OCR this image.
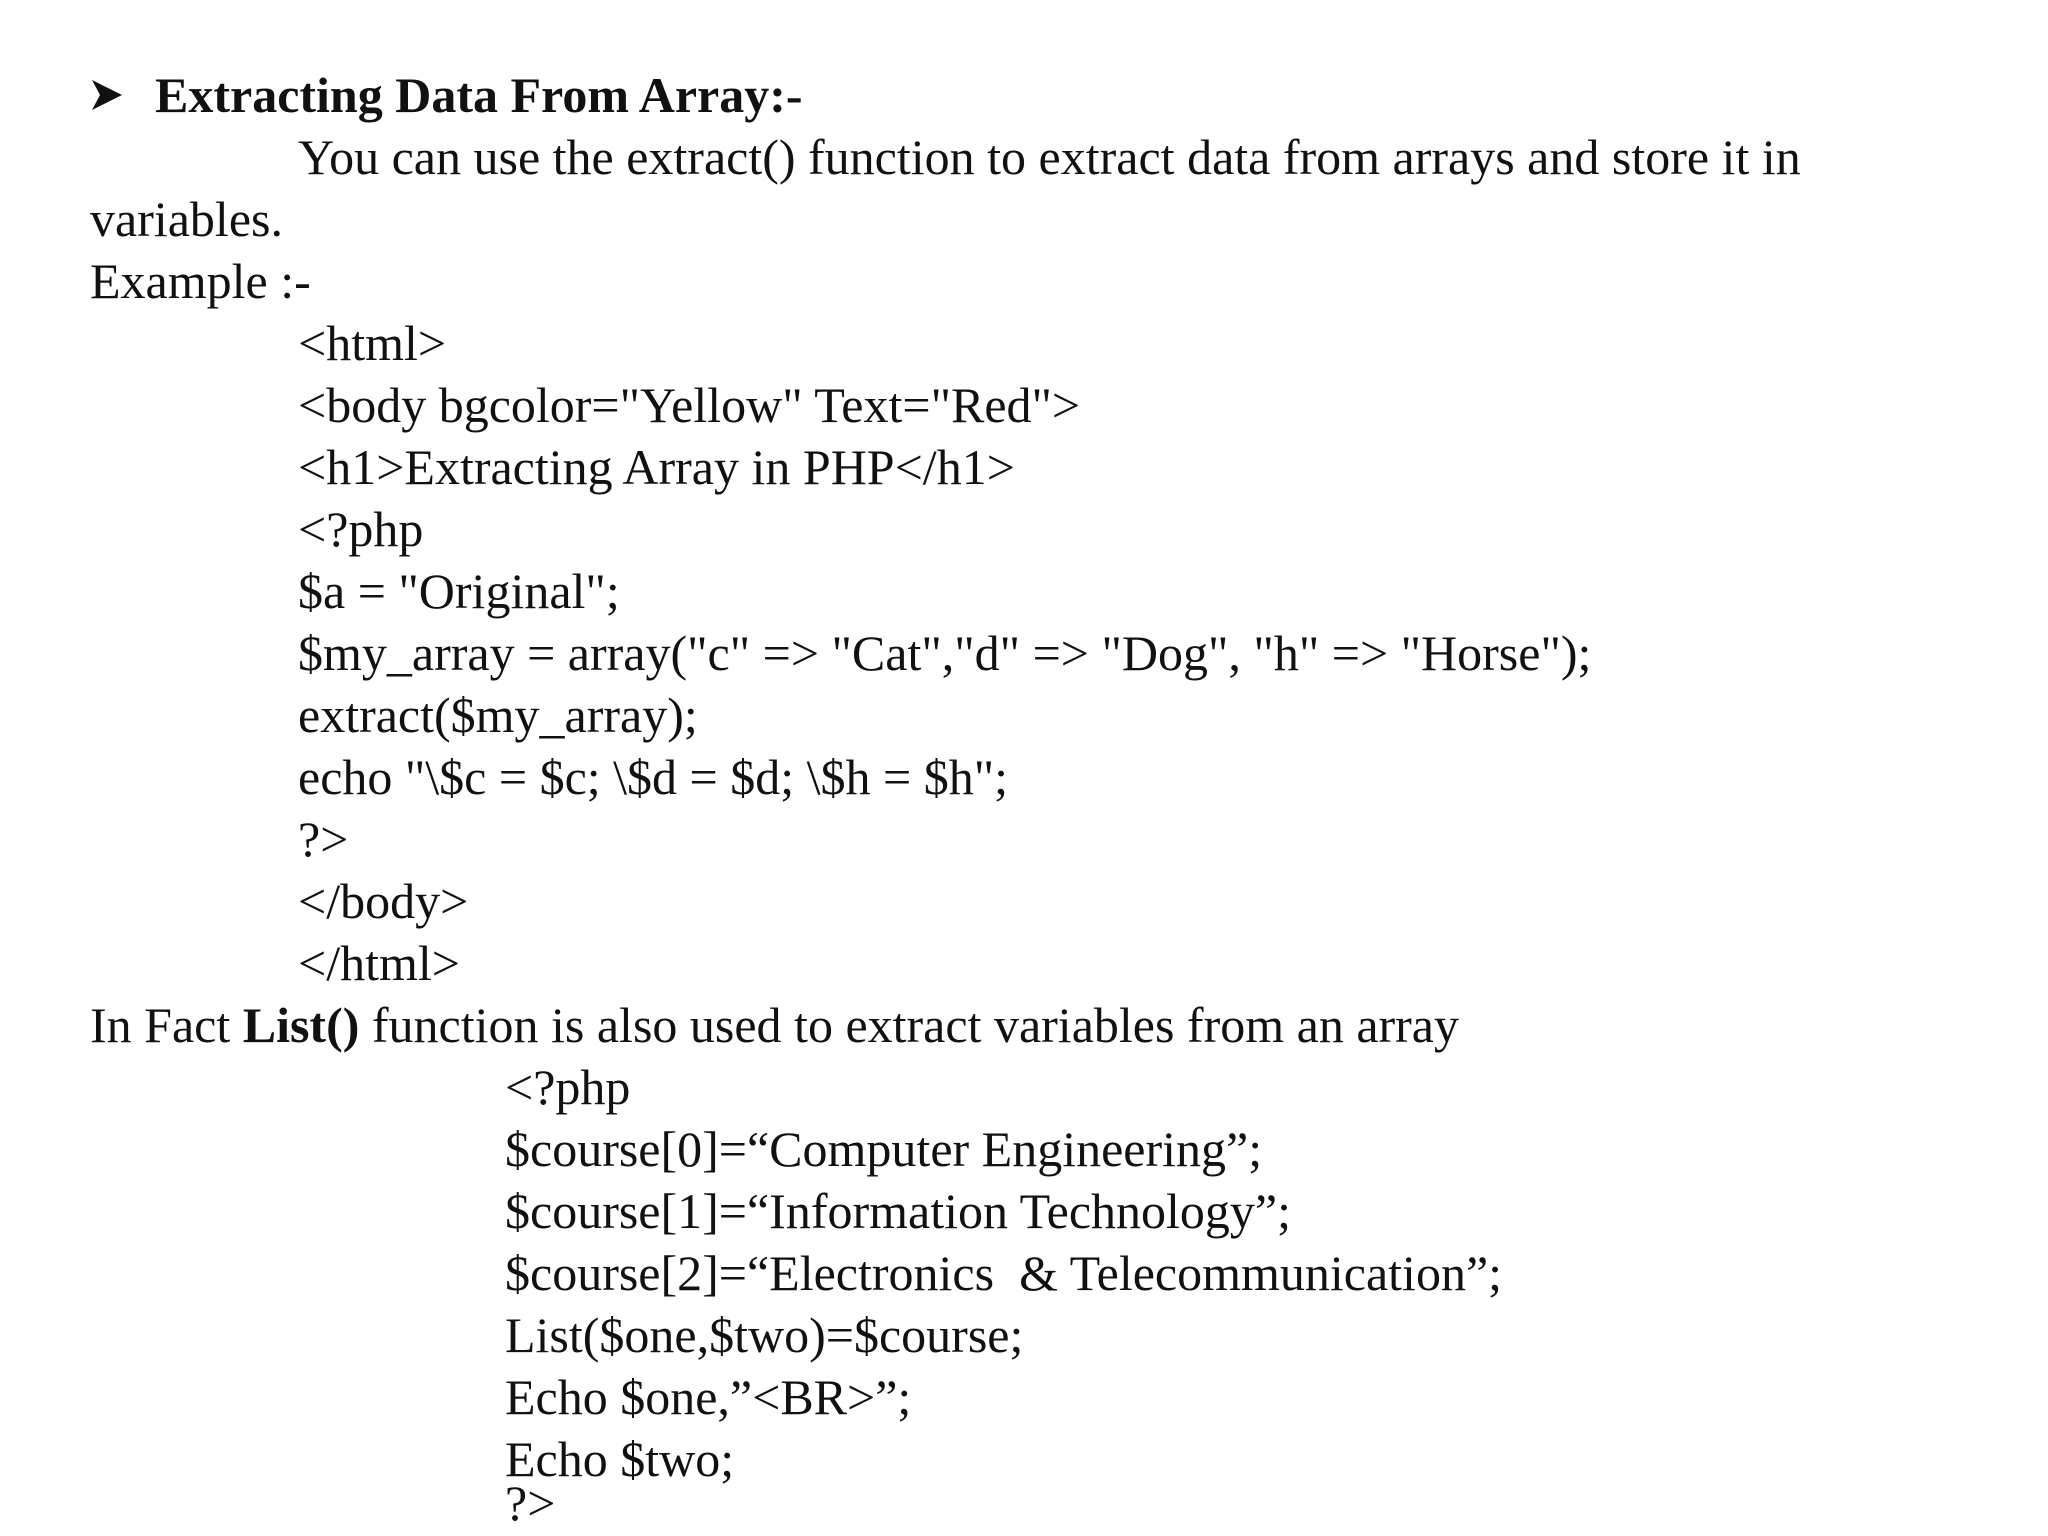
Extracting Data From Array:-
You can use the extract() function to extract data from arrays and store it in
variables.
Example :-
<html>
<body bgcolor="Yellow" Text="Red">
<h1>Extracting Array in PHP</h1>
<?php
$a = "Original";
$my_array = array("c" => "Cat","d" => "Dog", "h" => "Horse");
extract($my_array);
echo "\$c = $c; \$d = $d; \$h = $h";
?>
</body>
</html>
In Fact List() function is also used to extract variables from an array
<?php
$course[0]=“Computer Engineering”;
$course[1]=“Information Technology”;
$course[2]=“Electronics  & Telecommunication”;
List($one,$two)=$course;
Echo $one,”<BR>”;
Echo $two;
?>
